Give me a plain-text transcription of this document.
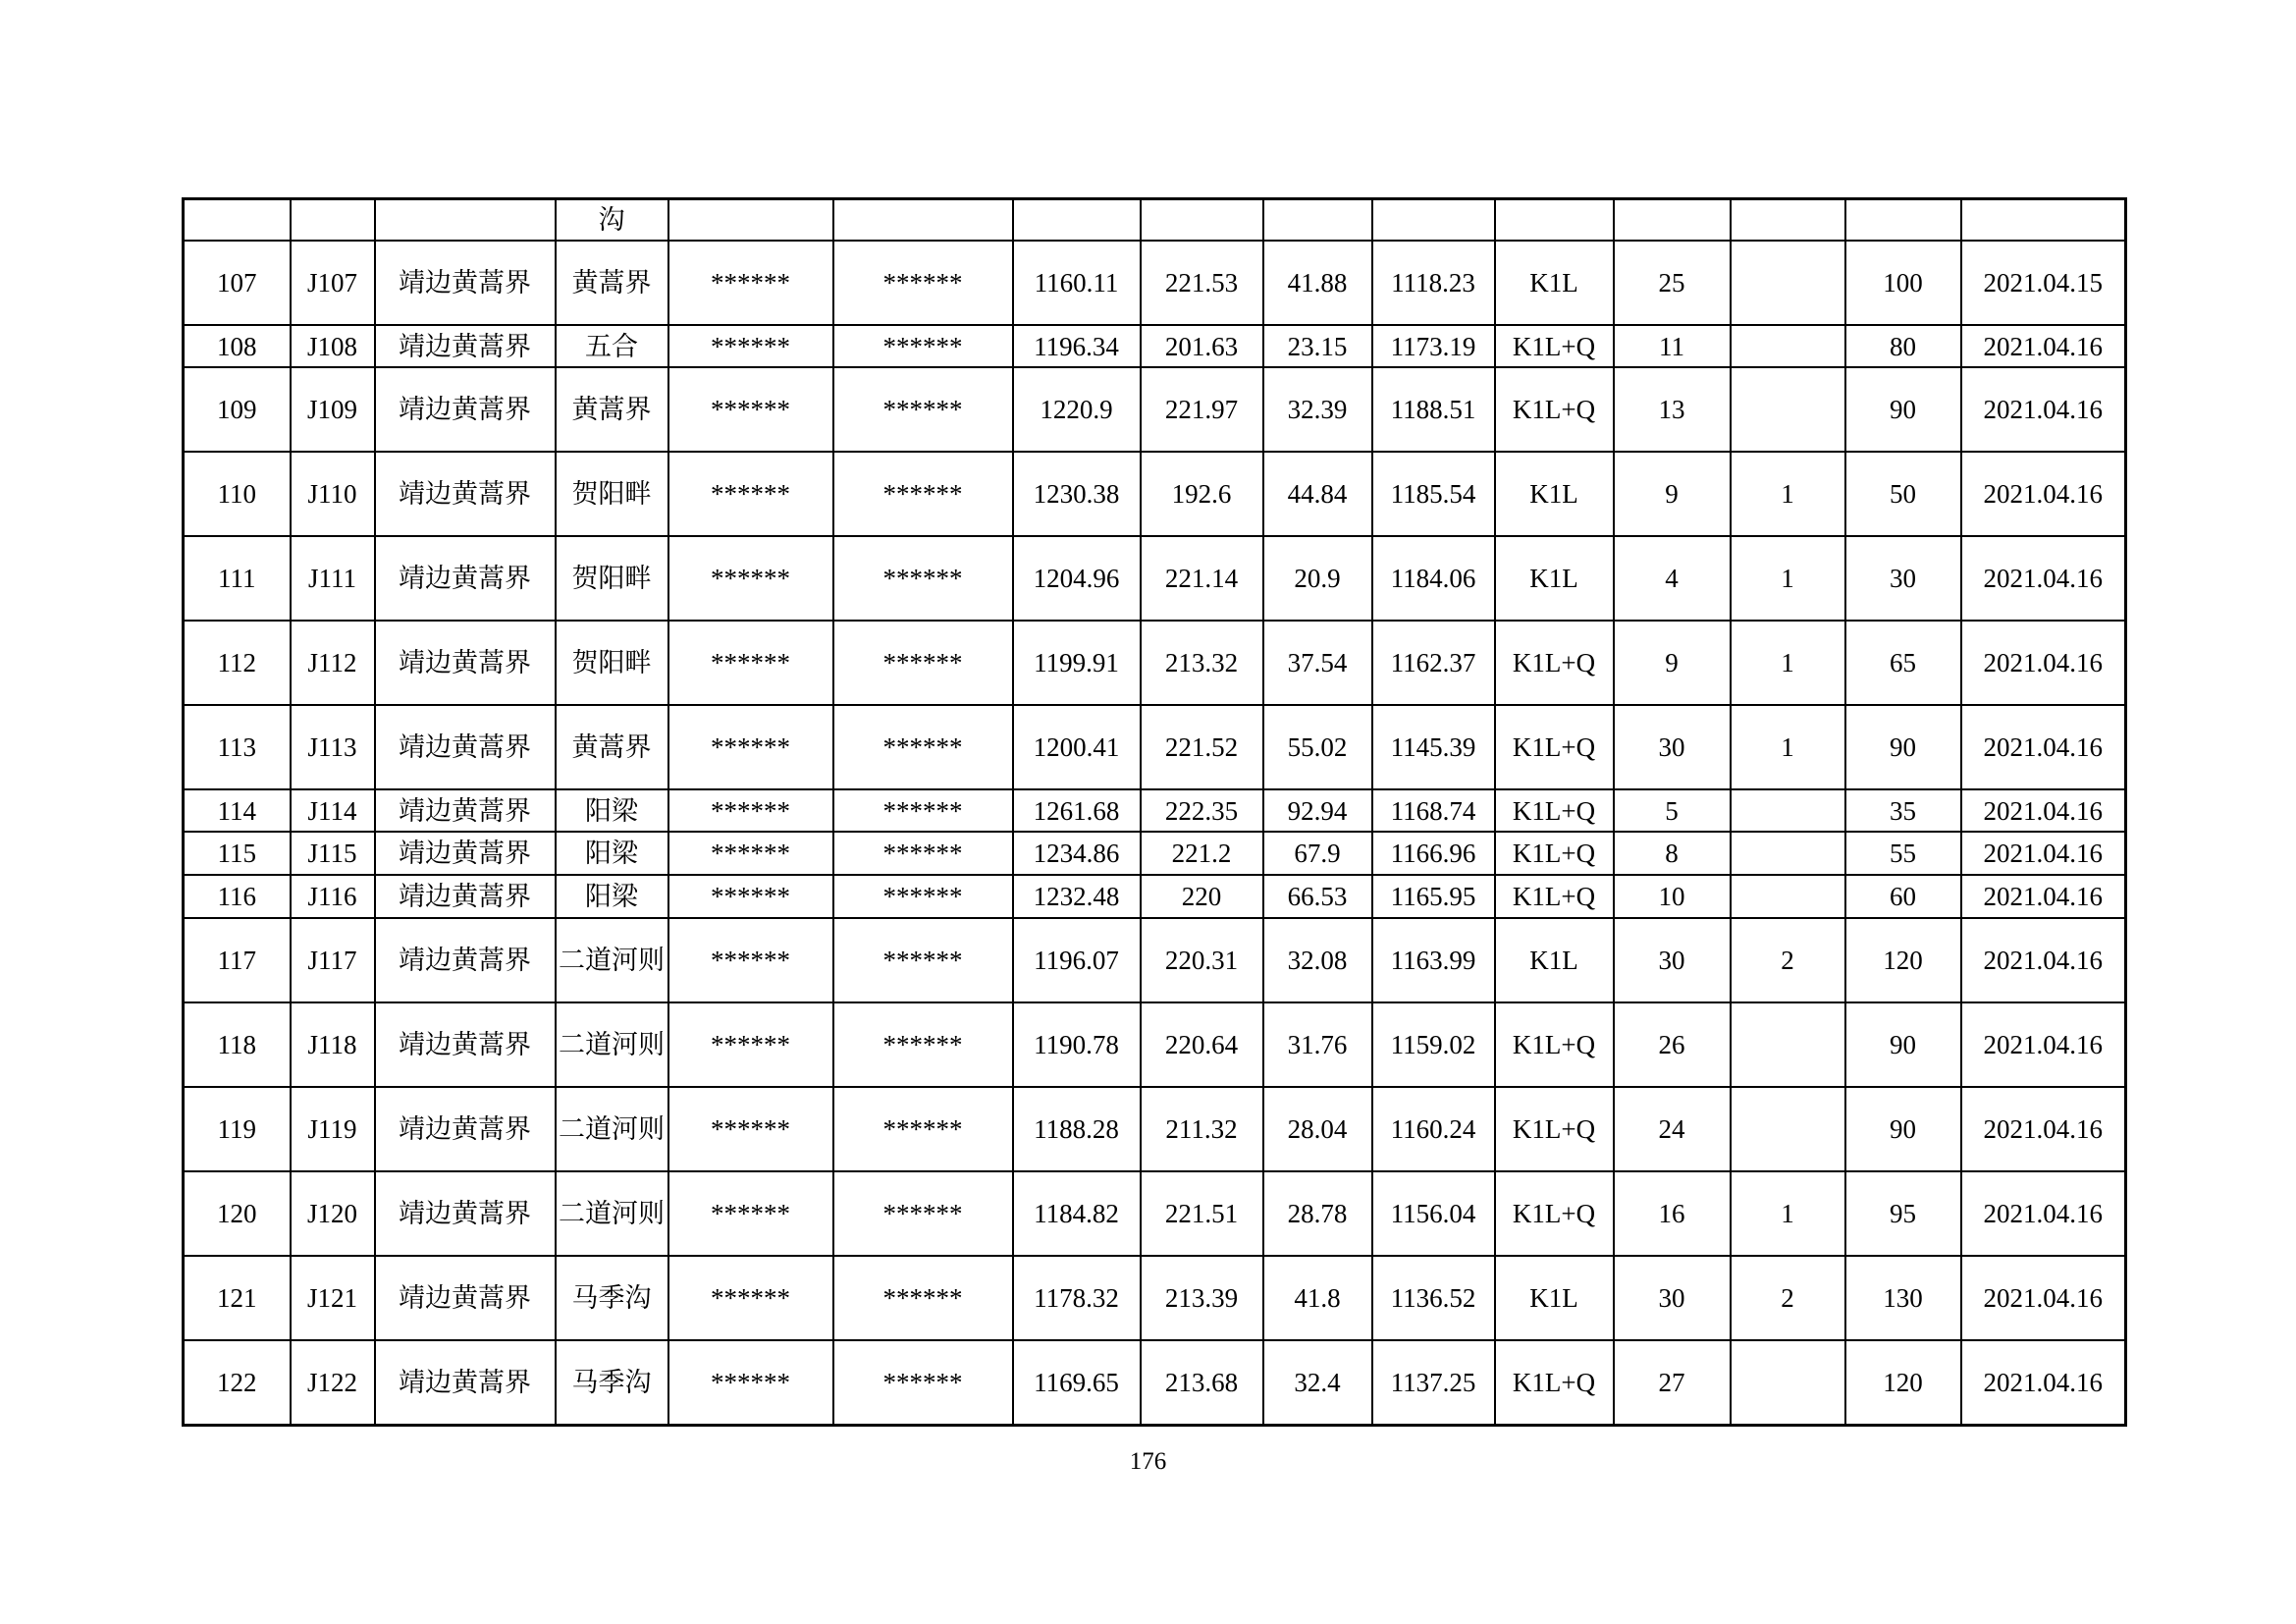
			沟											
107	J107	靖边黄蒿界	黄蒿界	******	******	1160.11	221.53	41.88	1118.23	K1L	25		100	2021.04.15
108	J108	靖边黄蒿界	五合	******	******	1196.34	201.63	23.15	1173.19	K1L+Q	11		80	2021.04.16
109	J109	靖边黄蒿界	黄蒿界	******	******	1220.9	221.97	32.39	1188.51	K1L+Q	13		90	2021.04.16
110	J110	靖边黄蒿界	贺阳畔	******	******	1230.38	192.6	44.84	1185.54	K1L	9	1	50	2021.04.16
111	J111	靖边黄蒿界	贺阳畔	******	******	1204.96	221.14	20.9	1184.06	K1L	4	1	30	2021.04.16
112	J112	靖边黄蒿界	贺阳畔	******	******	1199.91	213.32	37.54	1162.37	K1L+Q	9	1	65	2021.04.16
113	J113	靖边黄蒿界	黄蒿界	******	******	1200.41	221.52	55.02	1145.39	K1L+Q	30	1	90	2021.04.16
114	J114	靖边黄蒿界	阳梁	******	******	1261.68	222.35	92.94	1168.74	K1L+Q	5		35	2021.04.16
115	J115	靖边黄蒿界	阳梁	******	******	1234.86	221.2	67.9	1166.96	K1L+Q	8		55	2021.04.16
116	J116	靖边黄蒿界	阳梁	******	******	1232.48	220	66.53	1165.95	K1L+Q	10		60	2021.04.16
117	J117	靖边黄蒿界	二道河则	******	******	1196.07	220.31	32.08	1163.99	K1L	30	2	120	2021.04.16
118	J118	靖边黄蒿界	二道河则	******	******	1190.78	220.64	31.76	1159.02	K1L+Q	26		90	2021.04.16
119	J119	靖边黄蒿界	二道河则	******	******	1188.28	211.32	28.04	1160.24	K1L+Q	24		90	2021.04.16
120	J120	靖边黄蒿界	二道河则	******	******	1184.82	221.51	28.78	1156.04	K1L+Q	16	1	95	2021.04.16
121	J121	靖边黄蒿界	马季沟	******	******	1178.32	213.39	41.8	1136.52	K1L	30	2	130	2021.04.16
122	J122	靖边黄蒿界	马季沟	******	******	1169.65	213.68	32.4	1137.25	K1L+Q	27		120	2021.04.16
176
